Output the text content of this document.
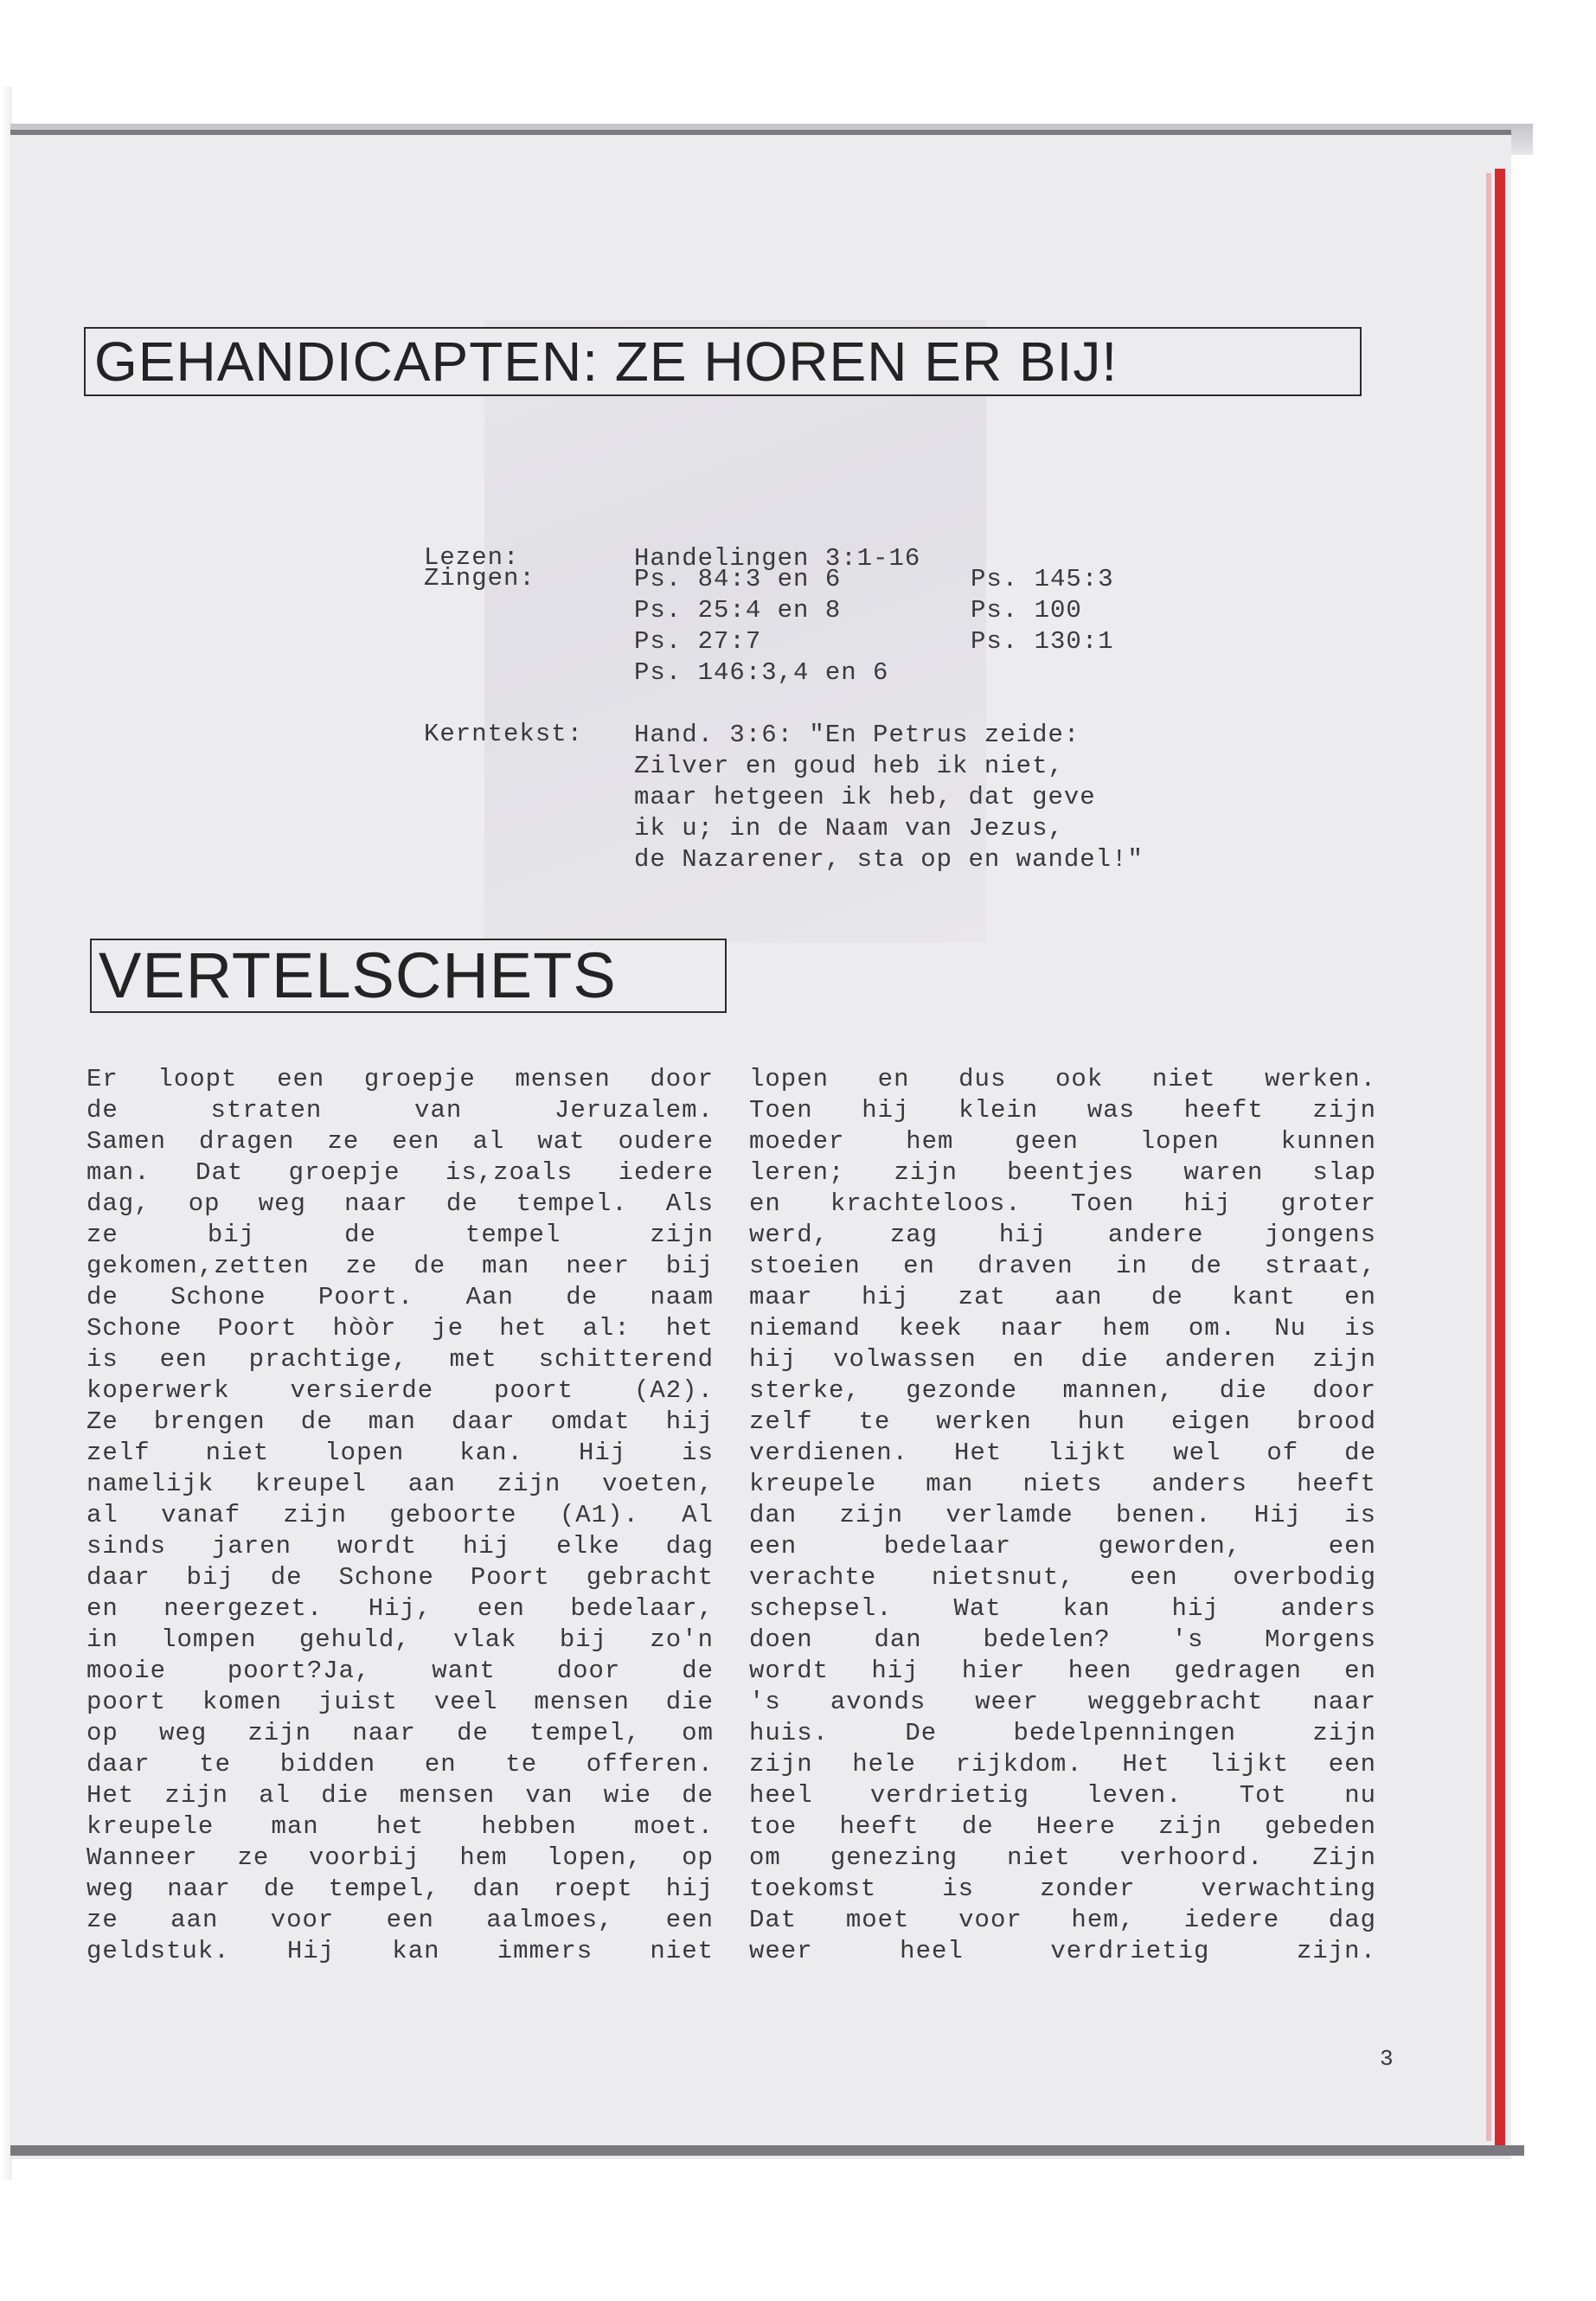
GEHANDICAPTEN: ZE HOREN ER BIJ!
Lezen:	Handelingen 3:1-16
Zingen:	Ps. 84:3 en 6
Ps. 25:4 en 8
Ps. 27:7
Ps. 146:3,4 en 6
Ps. 145:3
Ps. 100
Ps. 130:1
Kerntekst: Hand. 3:6: "En Petrus zeide:
Zilver en goud heb ik niet,
maar hetgeen ik heb, dat geve
ik u; in de Naam van Jezus,
de Nazarener, sta op en wandel!"
VERTELSCHETS
Er loopt een groepje mensen door
de straten van Jeruzalem.
Samen dragen ze een al wat oudere
man. Dat groepje is,zoals iedere
dag, op weg naar de tempel. Als
ze bij de tempel zijn
gekomen,zetten ze de man neer bij
de Schone Poort. Aan de naam
Schone Poort hòòr je het al: het
is een prachtige, met schitterend
koperwerk versierde poort (A2).
Ze brengen de man daar omdat hij
zelf niet lopen kan. Hij is
namelijk kreupel aan zijn voeten,
al vanaf zijn geboorte (A1). Al
sinds jaren wordt hij elke dag
daar bij de Schone Poort gebracht
en neergezet. Hij, een bedelaar,
in lompen gehuld, vlak bij zo'n
mooie poort?Ja, want door de
poort komen juist veel mensen die
op weg zijn naar de tempel, om
daar te bidden en te offeren.
Het zijn al die mensen van wie de
kreupele man het hebben moet.
Wanneer ze voorbij hem lopen, op
weg naar de tempel, dan roept hij
ze aan voor een aalmoes, een
geldstuk. Hij kan immers niet
lopen en dus ook niet werken.
Toen hij klein was heeft zijn
moeder hem geen lopen kunnen
leren; zijn beentjes waren slap
en krachteloos. Toen hij groter
werd, zag hij andere jongens
stoeien en draven in de straat,
maar hij zat aan de kant en
niemand keek naar hem om. Nu is
hij volwassen en die anderen zijn
sterke, gezonde mannen, die door
zelf te werken hun eigen brood
verdienen. Het lijkt wel of de
kreupele man niets anders heeft
dan zijn verlamde benen. Hij is
een bedelaar geworden, een
verachte nietsnut, een overbodig
schepsel. Wat kan hij anders
doen dan bedelen? 's Morgens
wordt hij hier heen gedragen en
's avonds weer weggebracht naar
huis. De bedelpenningen zijn
zijn hele rijkdom. Het lijkt een
heel verdrietig leven. Tot nu
toe heeft de Heere zijn gebeden
om genezing niet verhoord. Zijn
toekomst is zonder verwachting
Dat moet voor hem, iedere dag
weer heel verdrietig zijn.
3
